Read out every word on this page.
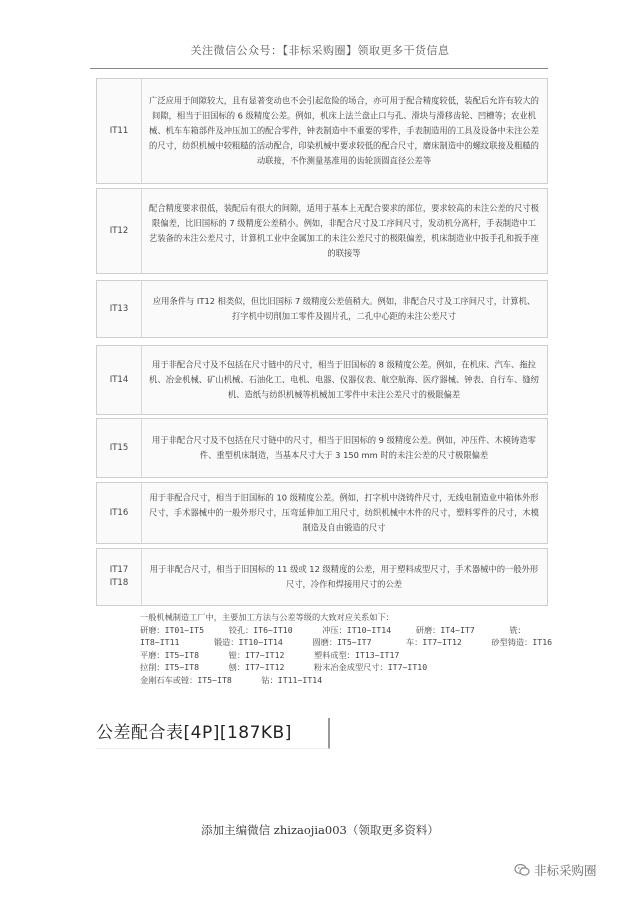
关注微信公众号：【非标采购圈】领取更多干货信息
IT11
广泛应用于间隙较大，且有显著变动也不会引起危险的场合，亦可用于配合精度较低，装配后允许有较大的间隙，相当于旧国标的 6 级精度公差。例如，机床上法兰盘止口与孔、滑块与滑移齿轮、凹槽等；农业机械、机车车箱部件及冲压加工的配合零件，钟表制造中不重要的零件，手表制造用的工具及设备中未注公差的尺寸，纺织机械中较粗糙的活动配合，印染机械中要求较低的配合尺寸，磨床制造中的螺纹联接及粗糙的动联接，不作测量基准用的齿轮顶圆直径公差等
IT12
配合精度要求很低，装配后有很大的间隙，适用于基本上无配合要求的部位，要求较高的未注公差的尺寸极限偏差，比旧国标的 7 级精度公差稍小。例如，非配合尺寸及工序间尺寸，发动机分离杆，手表制造中工艺装备的未注公差尺寸，计算机工业中金属加工的未注公差尺寸的极限偏差，机床制造业中扳手孔和扳手座的联接等
IT13
应用条件与 IT12 相类似，但比旧国标 7 级精度公差值稍大。例如，非配合尺寸及工序间尺寸，计算机、打字机中切削加工零件及圆片孔，二孔中心距的未注公差尺寸
IT14
用于非配合尺寸及不包括在尺寸链中的尺寸，相当于旧国标的 8 级精度公差。例如，在机床、汽车、拖拉机、冶金机械、矿山机械、石油化工、电机、电器、仪器仪表、航空航海、医疗器械、钟表、自行车、缝纫机、造纸与纺织机械等机械加工零件中未注公差尺寸的极限偏差
IT15
用于非配合尺寸及不包括在尺寸链中的尺寸，相当于旧国标的 9 级精度公差。例如，冲压件、木模铸造零件、重型机床制造，当基本尺寸大于 3 150 mm 时的未注公差的尺寸极限偏差
IT16
用于非配合尺寸，相当于旧国标的 10 级精度公差。例如，打字机中浇铸件尺寸，无线电制造业中箱体外形尺寸，手术器械中的一般外形尺寸，压弯延伸加工用尺寸，纺织机械中木件的尺寸，塑料零件的尺寸，木模制造及自由锻造的尺寸
IT17
IT18
用于非配合尺寸，相当于旧国标的 11 级或 12 级精度的公差，用于塑料成型尺寸，手术器械中的一般外形尺寸，冷作和焊接用尺寸的公差
一般机械制造工厂中，主要加工方法与公差等级的大致对应关系如下：
研磨：IT01~IT5     铰孔：IT6~IT10      冲压：IT10~IT14     研磨：IT4~IT7       铣：
IT8~IT11       锻造：IT10~IT14      圆磨：IT5~IT7       车：IT7~IT12      砂型铸造：IT16
平磨：IT5~IT8      镗：IT7~IT12      塑料成型：IT13~IT17
拉削：IT5~IT8      刨：IT7~IT12      粉末冶金成型尺寸：IT7~IT10
金刚石车或镗：IT5~IT8      钻：IT11~IT14
公差配合表[4P][187KB]
添加主编微信 zhizaojia003（领取更多资料）
非标采购圈
